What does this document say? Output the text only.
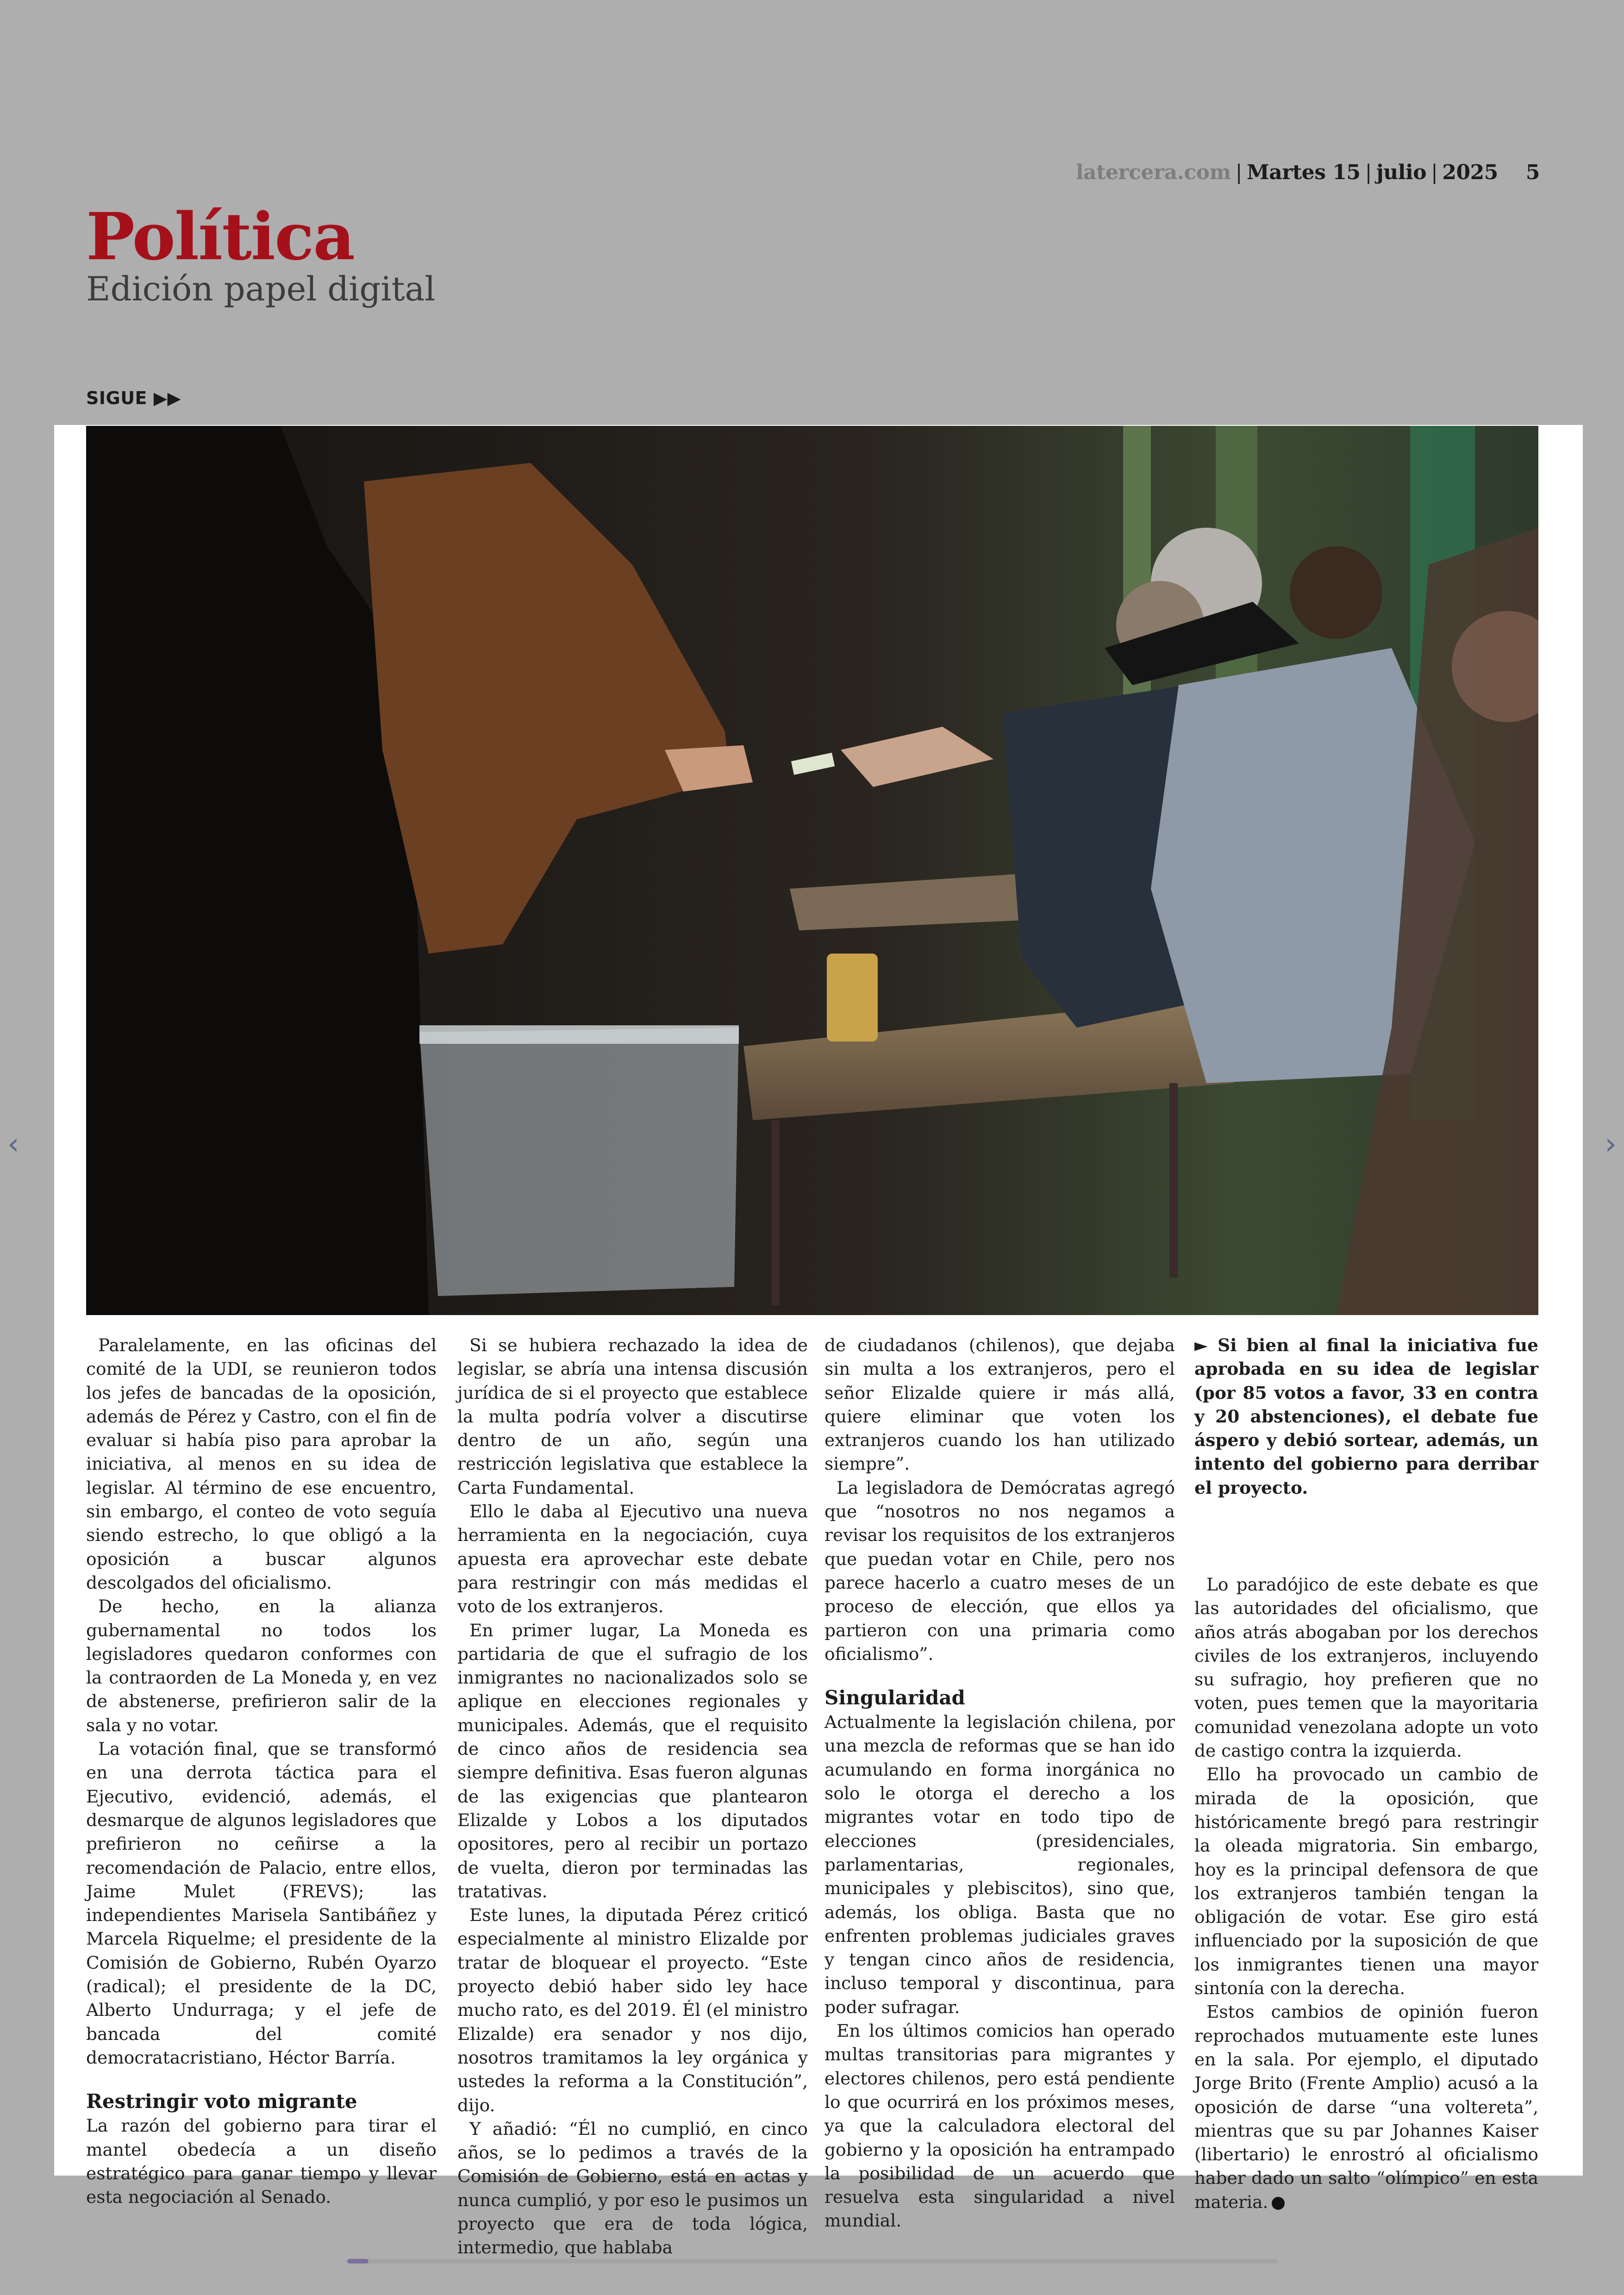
latercera.com | Martes 15 | julio | 2025 5
Política
Edición papel digital
SIGUE ▶▶
‹	›

Paralelamente, en las oficinas del comité de la UDI, se reunieron todos los jefes de bancadas de la oposición, además de Pérez y Castro, con el fin de evaluar si había piso para aprobar la iniciativa, al menos en su idea de legislar. Al término de ese encuentro, sin embargo, el conteo de voto seguía siendo estrecho, lo que obligó a la oposición a buscar algunos descolgados del oficialismo.

De hecho, en la alianza gubernamental no todos los legisladores quedaron conformes con la contraorden de La Moneda y, en vez de abstenerse, prefirieron salir de la sala y no votar.

La votación final, que se transformó en una derrota táctica para el Ejecutivo, evidenció, además, el desmarque de algunos legisladores que prefirieron no ceñirse a la recomendación de Palacio, entre ellos, Jaime Mulet (FREVS); las independientes Marisela Santibáñez y Marcela Riquelme; el presidente de la Comisión de Gobierno, Rubén Oyarzo (radical); el presidente de la DC, Alberto Undurraga; y el jefe de bancada del comité democratacristiano, Héctor Barría.

Restringir voto migrante

La razón del gobierno para tirar el mantel obedecía a un diseño estratégico para ganar tiempo y llevar esta negociación al Senado.

Si se hubiera rechazado la idea de legislar, se abría una intensa discusión jurídica de si el proyecto que establece la multa podría volver a discutirse dentro de un año, según una restricción legislativa que establece la Carta Fundamental.

Ello le daba al Ejecutivo una nueva herramienta en la negociación, cuya apuesta era aprovechar este debate para restringir con más medidas el voto de los extranjeros.

En primer lugar, La Moneda es partidaria de que el sufragio de los inmigrantes no nacionalizados solo se aplique en elecciones regionales y municipales. Además, que el requisito de cinco años de residencia sea siempre definitiva. Esas fueron algunas de las exigencias que plantearon Elizalde y Lobos a los diputados opositores, pero al recibir un portazo de vuelta, dieron por terminadas las tratativas.

Este lunes, la diputada Pérez criticó especialmente al ministro Elizalde por tratar de bloquear el proyecto. “Este proyecto debió haber sido ley hace mucho rato, es del 2019. Él (el ministro Elizalde) era senador y nos dijo, nosotros tramitamos la ley orgánica y ustedes la reforma a la Constitución”, dijo.

Y añadió: “Él no cumplió, en cinco años, se lo pedimos a través de la Comisión de Gobierno, está en actas y nunca cumplió, y por eso le pusimos un proyecto que era de toda lógica, intermedio, que hablaba

de ciudadanos (chilenos), que dejaba sin multa a los extranjeros, pero el señor Elizalde quiere ir más allá, quiere eliminar que voten los extranjeros cuando los han utilizado siempre”.

La legisladora de Demócratas agregó que “nosotros no nos negamos a revisar los requisitos de los extranjeros que puedan votar en Chile, pero nos parece hacerlo a cuatro meses de un proceso de elección, que ellos ya partieron con una primaria como oficialismo”.

Singularidad

Actualmente la legislación chilena, por una mezcla de reformas que se han ido acumulando en forma inorgánica no solo le otorga el derecho a los migrantes votar en todo tipo de elecciones (presidenciales, parlamentarias, regionales, municipales y plebiscitos), sino que, además, los obliga. Basta que no enfrenten problemas judiciales graves y tengan cinco años de residencia, incluso temporal y discontinua, para poder sufragar.

En los últimos comicios han operado multas transitorias para migrantes y electores chilenos, pero está pendiente lo que ocurrirá en los próximos meses, ya que la calculadora electoral del gobierno y la oposición ha entrampado la posibilidad de un acuerdo que resuelva esta singularidad a nivel mundial.

► Si bien al final la iniciativa fue aprobada en su idea de legislar (por 85 votos a favor, 33 en contra y 20 abstenciones), el debate fue áspero y debió sortear, además, un intento del gobierno para derribar el proyecto.

Lo paradójico de este debate es que las autoridades del oficialismo, que años atrás abogaban por los derechos civiles de los extranjeros, incluyendo su sufragio, hoy prefieren que no voten, pues temen que la mayoritaria comunidad venezolana adopte un voto de castigo contra la izquierda.

Ello ha provocado un cambio de mirada de la oposición, que históricamente bregó para restringir la oleada migratoria. Sin embargo, hoy es la principal defensora de que los extranjeros también tengan la obligación de votar. Ese giro está influenciado por la suposición de que los inmigrantes tienen una mayor sintonía con la derecha.

Estos cambios de opinión fueron reprochados mutuamente este lunes en la sala. Por ejemplo, el diputado Jorge Brito (Frente Amplio) acusó a la oposición de darse “una voltereta”, mientras que su par Johannes Kaiser (libertario) le enrostró al oficialismo haber dado un salto “olímpico” en esta materia.
